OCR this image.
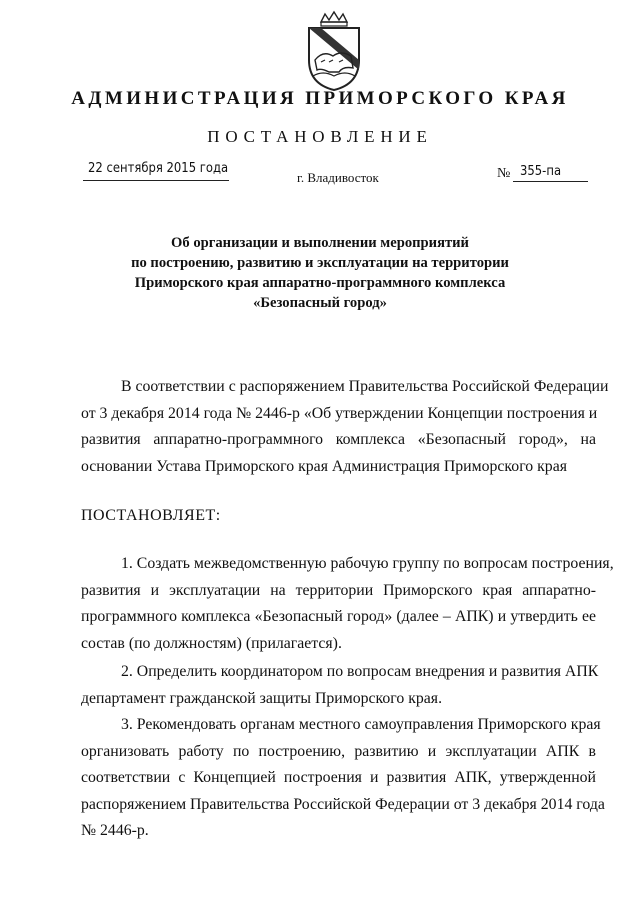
АДМИНИСТРАЦИЯ ПРИМОРСКОГО КРАЯ
ПОСТАНОВЛЕНИЕ
22 сентября 2015 года
г. Владивосток	№ 355-па
Об организации и выполнении мероприятий
по построению, развитию и эксплуатации на территории
Приморского края аппаратно-программного комплекса
«Безопасный город»
В соответствии с распоряжением Правительства Российской Федерации
от 3 декабря 2014 года № 2446-р «Об утверждении Концепции построения и
развития аппаратно-программного комплекса «Безопасный город», на
основании Устава Приморского края Администрация Приморского края
ПОСТАНОВЛЯЕТ:
1. Создать межведомственную рабочую группу по вопросам построения,
развития и эксплуатации на территории Приморского края аппаратно-
программного комплекса «Безопасный город» (далее – АПК) и утвердить ее
состав (по должностям) (прилагается).
2. Определить координатором по вопросам внедрения и развития АПК
департамент гражданской защиты Приморского края.
3. Рекомендовать органам местного самоуправления Приморского края
организовать работу по построению, развитию и эксплуатации АПК в
соответствии с Концепцией построения и развития АПК, утвержденной
распоряжением Правительства Российской Федерации от 3 декабря 2014 года
№ 2446-р.
